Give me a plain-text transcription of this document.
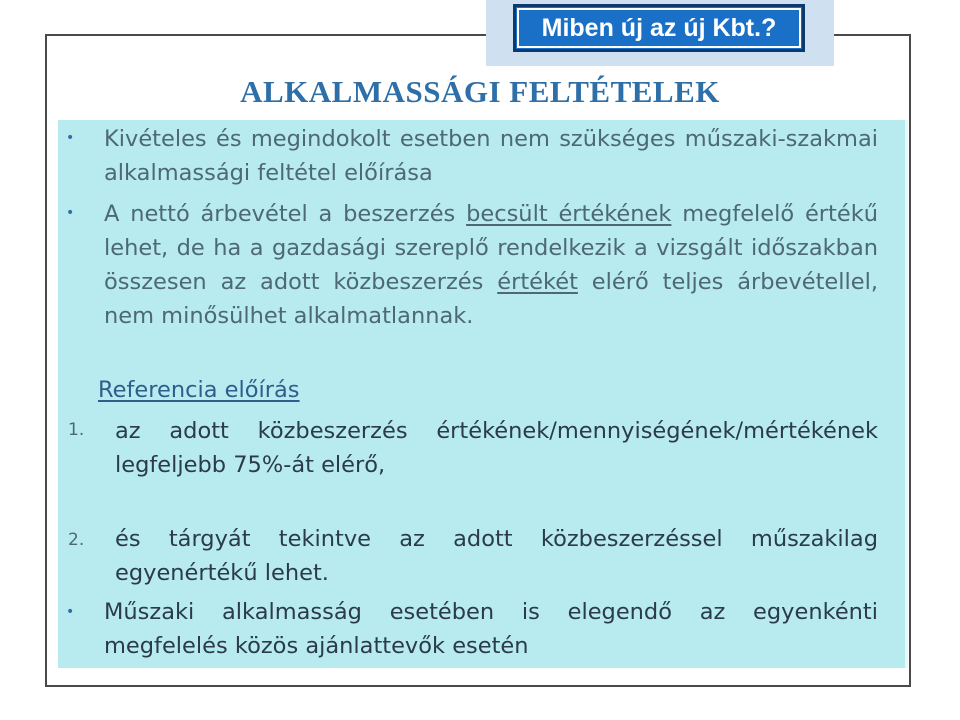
Miben új az új Kbt.?
ALKALMASSÁGI FELTÉTELEK
• Kivételes és megindokolt esetben nem szükséges műszaki-szakmai alkalmassági feltétel előírása

• A nettó árbevétel a beszerzés becsült értékének megfelelő értékű lehet, de ha a gazdasági szereplő rendelkezik a vizsgált időszakban összesen az adott közbeszerzés értékét elérő teljes árbevétellel, nem minősülhet alkalmatlannak.

Referencia előírás
1. az adott közbeszerzés értékének/mennyiségének/mértékének legfeljebb 75%-át elérő,

2. és tárgyát tekintve az adott közbeszerzéssel műszakilag egyenértékű lehet.

• Műszaki alkalmasság esetében is elegendő az egyenkénti megfelelés közös ajánlattevők esetén
